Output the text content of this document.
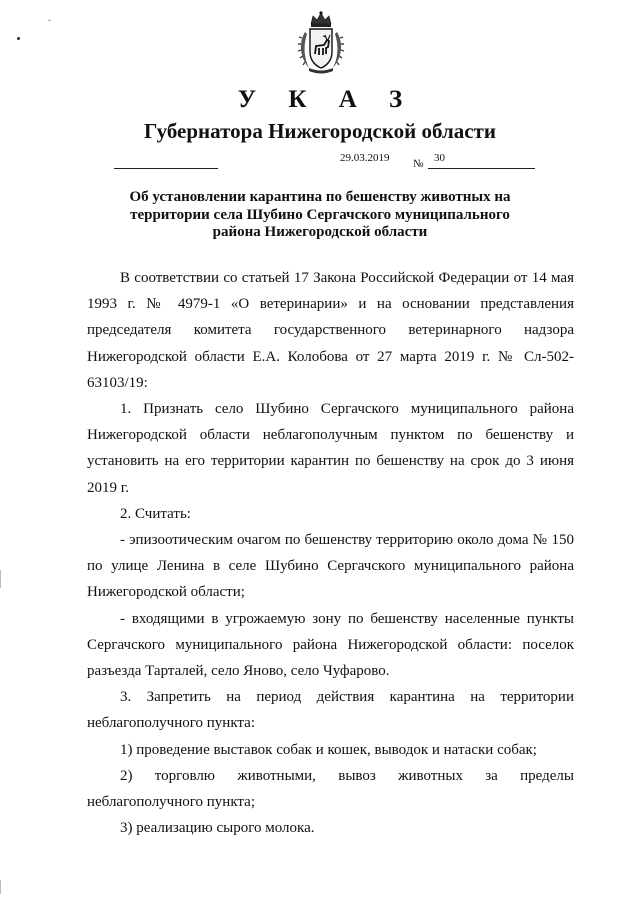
ˇ
У К А З
Губернатора Нижегородской области
29.03.2019 № 30
Об установлении карантина по бешенству животных на
территории села Шубино Сергачского муниципального
района Нижегородской области

В соответствии со статьей 17 Закона Российской Федерации от 14 мая 1993 г. № 4979-1 «О ветеринарии» и на основании представления председателя комитета государственного ветеринарного надзора Нижегородской области Е.А. Колобова от 27 марта 2019 г. № Сл-502-63103/19:

1. Признать село Шубино Сергачского муниципального района Нижегородской области неблагополучным пунктом по бешенству и установить на его территории карантин по бешенству на срок до 3 июня 2019 г.

2. Считать:

- эпизоотическим очагом по бешенству территорию около дома № 150 по улице Ленина в селе Шубино Сергачского муниципального района Нижегородской области;

- входящими в угрожаемую зону по бешенству населенные пункты Сергачского муниципального района Нижегородской области: поселок разъезда Тарталей, село Яново, село Чуфарово.

3. Запретить на период действия карантина на территории неблагополучного пункта:

1) проведение выставок собак и кошек, выводок и натаски собак;

2) торговлю животными, вывоз животных за пределы неблагополучного пункта;

3) реализацию сырого молока.
